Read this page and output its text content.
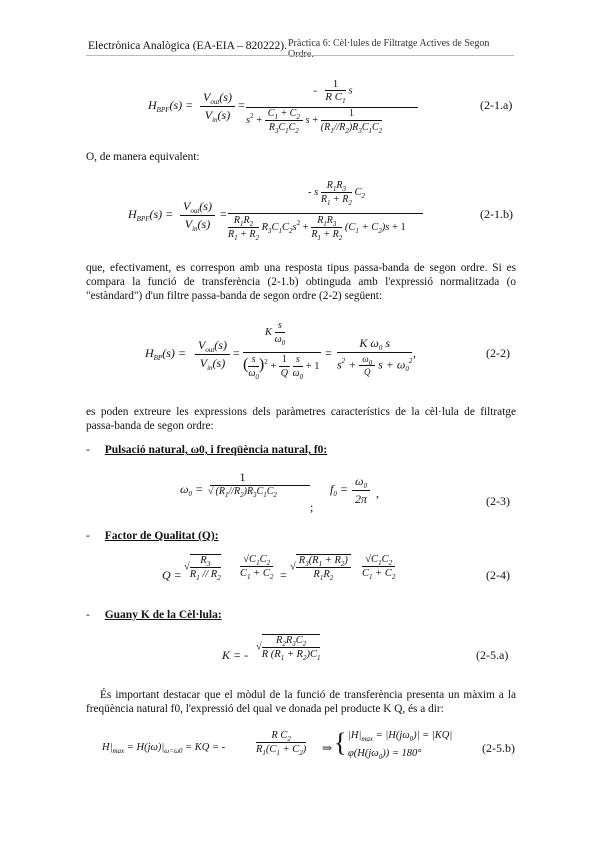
Electrònica Analògica (EA-EIA – 820222). Pràctica 6: Cèl·lules de Filtratge Actives de Segon
$H_{BPF}(s)$ =
$V_{out}(s)$
$V_{in}(s)$
=
- $\frac{1}{R C_1}$ s
$s^2 + \frac{C_1 + C_2}{R_3C_1C_2}$ $s + \frac{1}{(R_1//R_2)R_3C_1C_2}$
(2-1.a)

O, de manera equivalent:

$H_{BPF}(s)$ =
$V_{out}(s)$
$V_{in}(s)$
=
- s $\frac{R_1R_3}{R_1 + R_2} C_2$
$\frac{R_1R_2}{R_1 + R_2} R_3C_1C_2s^2 + \frac{R_1R_3}{R_1 + R_2} (C_1 + C_2)s + 1$
(2-1.b)

que, efectivament, es correspon amb una resposta tipus passa-banda de segon ordre. Si es compara la funció de transferència (2-1.b) obtinguda amb l'expressió normalitzada (o "estàndard") d'un filtre passa-banda de segon ordre (2-2) següent:

$H_{BP}(s)$ =
$V_{out}(s)$
$V_{in}(s)$
=
K $\frac{s}{\omega_0}$
( $\frac{s}{\omega_0} )^2 + \frac{1}{Q}$
$\frac{s}{\omega_0} + 1$
= $\frac{K \omega_0 s}{s^2 + \frac{\omega_0}{Q} s + \omega_0^2}$ ,	(2-2)

es poden extreure les expressions dels paràmetres característics de la cèl·lula de filtratge passa-banda de segon ordre:

- Pulsació natural, ω0, i freqüència natural, f0:
$\omega_0$ =
1
√ $(R_1//R_2)R_3C_1C_2$
;
$f_0 = \frac{\omega_0}{2\pi}$ ,
(2-3)
- Factor de Qualitat (Q):
Q =
√ $\frac{R_3}{R_1 // R_2} \frac{√C_1C_2}{C_1 + C_2}$ =
√ $\frac{R_3(R_1 + R_2)}{R_1R_2} \frac{√C_1C_2}{C_1 + C_2}$	(2-4)
- Guany K de la Cèl·lula:
K = -
√ $\frac{R_2R_3C_2}{R (R_1 + R_2)C_1}$	(2-5.a)

És important destacar que el mòdul de la funció de transferència presenta un màxim a la freqüència natural f0, l'expressió del qual ve donada pel producte K Q, és a dir:

$H|_{max} = H(j\omega)|_{\omega=\omega 0}$ = KQ = -	$\frac{R C_2}{R_1(C_1 + C_2)}$ ⇒ { $|H|_{max} = |H(j\omega_0)| = |KQ|$
$\varphi(H(j\omega_0)) = 180^\circ$	(2-5.b)
